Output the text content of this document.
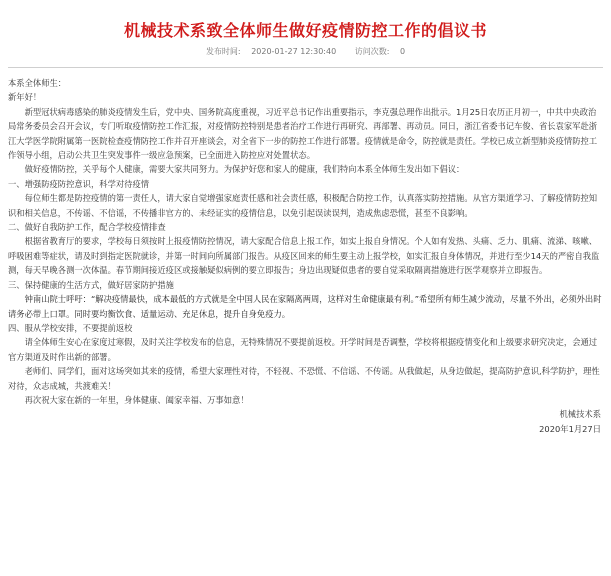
机械技术系致全体师生做好疫情防控工作的倡议书
发布时间: 2020-01-27 12:30:40 访问次数: 0

本系全体师生：

新年好！

新型冠状病毒感染的肺炎疫情发生后，党中央、国务院高度重视，习近平总书记作出重要指示，李克强总理作出批示。1月25日农历正月初一，中共中央政治局常务委员会召开会议，专门听取疫情防控工作汇报，对疫情防控特别是患者治疗工作进行再研究、再部署、再动员。同日，浙江省委书记车俊、省长袁家军赴浙江大学医学院附属第一医院检查疫情防控工作并召开座谈会，对全省下一步的防控工作进行部署。疫情就是命令，防控就是责任。学校已成立新型肺炎疫情防控工作领导小组，启动公共卫生突发事件一级应急预案，已全面进入防控应对处置状态。

做好疫情防控，关乎每个人健康，需要大家共同努力。为保护好您和家人的健康，我们特向本系全体师生发出如下倡议：

一、增强防疫防控意识，科学对待疫情

每位师生都是防控疫情的第一责任人，请大家自觉增强家庭责任感和社会责任感，积极配合防控工作，认真落实防控措施。从官方渠道学习、了解疫情防控知识和相关信息，不传谣、不信谣，不传播非官方的、未经证实的疫情信息，以免引起误读误判，造成焦虑恐慌，甚至不良影响。

二、做好自我防护工作，配合学校疫情排查

根据省教育厅的要求，学校每日须按时上报疫情防控情况，请大家配合信息上报工作，如实上报自身情况。个人如有发热、头痛、乏力、肌痛、流涕、咳嗽、呼吸困难等症状，请及时到指定医院就诊，并第一时间向所属部门报告。从疫区回来的师生要主动上报学校，如实汇报自身体情况，并进行至少14天的严密自我监测，每天早晚各测一次体温。春节期间接近疫区或接触疑似病例的要立即报告；身边出现疑似患者的要自觉采取隔离措施进行医学观察并立即报告。

三、保持健康的生活方式，做好居家防护措施

钟南山院士呼吁：“解决疫情最快，成本最低的方式就是全中国人民在家隔离两周，这样对生命健康最有利。”希望所有师生减少流动，尽量不外出，必须外出时请务必带上口罩。同时要均衡饮食、适量运动、充足休息，提升自身免疫力。

四、服从学校安排，不要提前返校

请全体师生安心在家度过寒假，及时关注学校发布的信息，无特殊情况不要提前返校。开学时间是否调整，学校将根据疫情变化和上级要求研究决定，会通过官方渠道及时作出新的部署。

老师们、同学们，面对这场突如其来的疫情，希望大家理性对待，不轻视、不恐慌、不信谣、不传谣。从我做起，从身边做起，提高防护意识,科学防护，理性对待，众志成城，共渡难关！

再次祝大家在新的一年里，身体健康、阖家幸福、万事如意！

机械技术系

2020年1月27日
